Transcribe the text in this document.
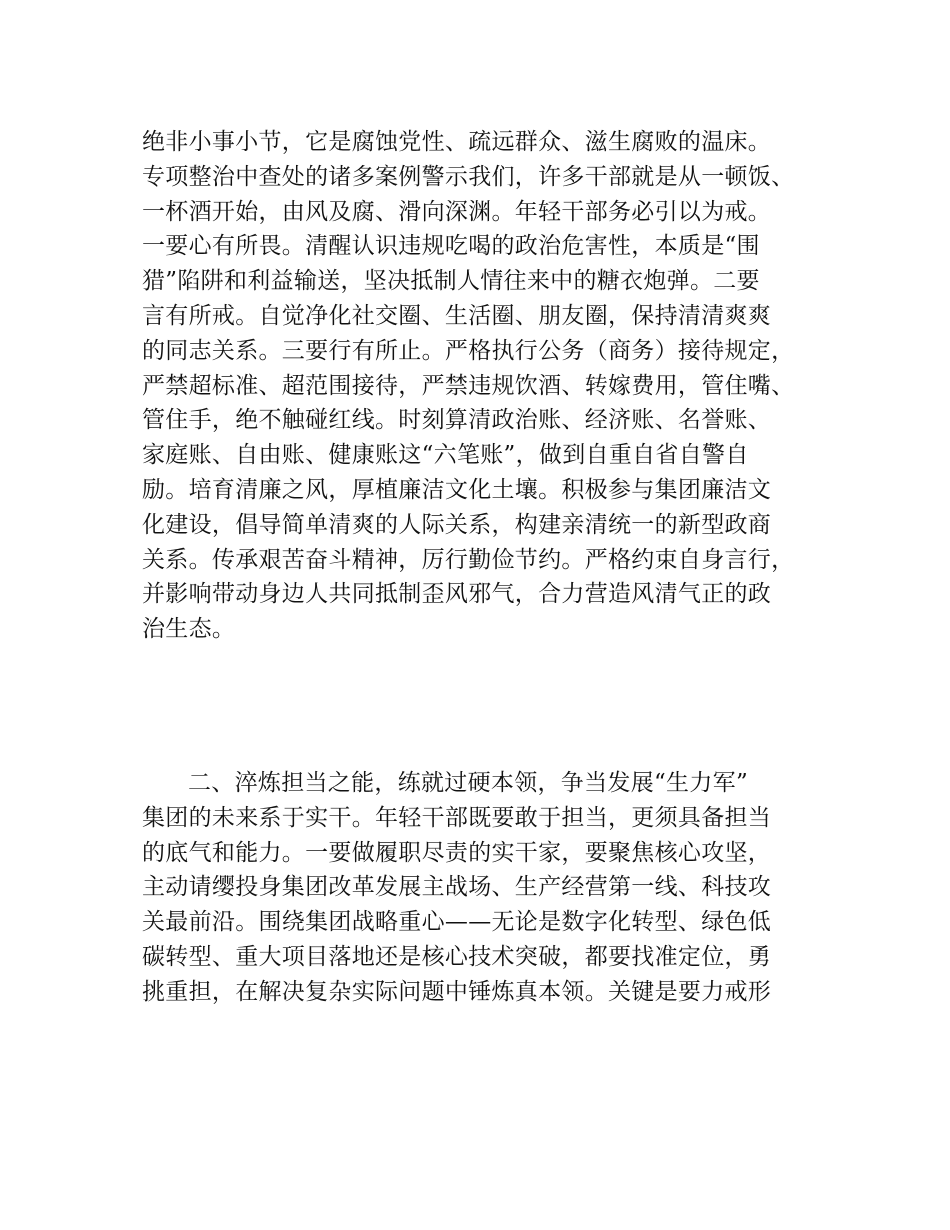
绝非小事小节，它是腐蚀党性、疏远群众、滋生腐败的温床。
专项整治中查处的诸多案例警示我们，许多干部就是从一顿饭、
一杯酒开始，由风及腐、滑向深渊。年轻干部务必引以为戒。
一要心有所畏。清醒认识违规吃喝的政治危害性，本质是“围
猎”陷阱和利益输送，坚决抵制人情往来中的糖衣炮弹。二要
言有所戒。自觉净化社交圈、生活圈、朋友圈，保持清清爽爽
的同志关系。三要行有所止。严格执行公务（商务）接待规定，
严禁超标准、超范围接待，严禁违规饮酒、转嫁费用，管住嘴、
管住手，绝不触碰红线。时刻算清政治账、经济账、名誉账、
家庭账、自由账、健康账这“六笔账”，做到自重自省自警自
励。培育清廉之风，厚植廉洁文化土壤。积极参与集团廉洁文
化建设，倡导简单清爽的人际关系，构建亲清统一的新型政商
关系。传承艰苦奋斗精神，厉行勤俭节约。严格约束自身言行，
并影响带动身边人共同抵制歪风邪气，合力营造风清气正的政
治生态。
二、淬炼担当之能，练就过硬本领，争当发展“生力军”
集团的未来系于实干。年轻干部既要敢于担当，更须具备担当
的底气和能力。一要做履职尽责的实干家，要聚焦核心攻坚，
主动请缨投身集团改革发展主战场、生产经营第一线、科技攻
关最前沿。围绕集团战略重心——无论是数字化转型、绿色低
碳转型、重大项目落地还是核心技术突破，都要找准定位，勇
挑重担，在解决复杂实际问题中锤炼真本领。关键是要力戒形
